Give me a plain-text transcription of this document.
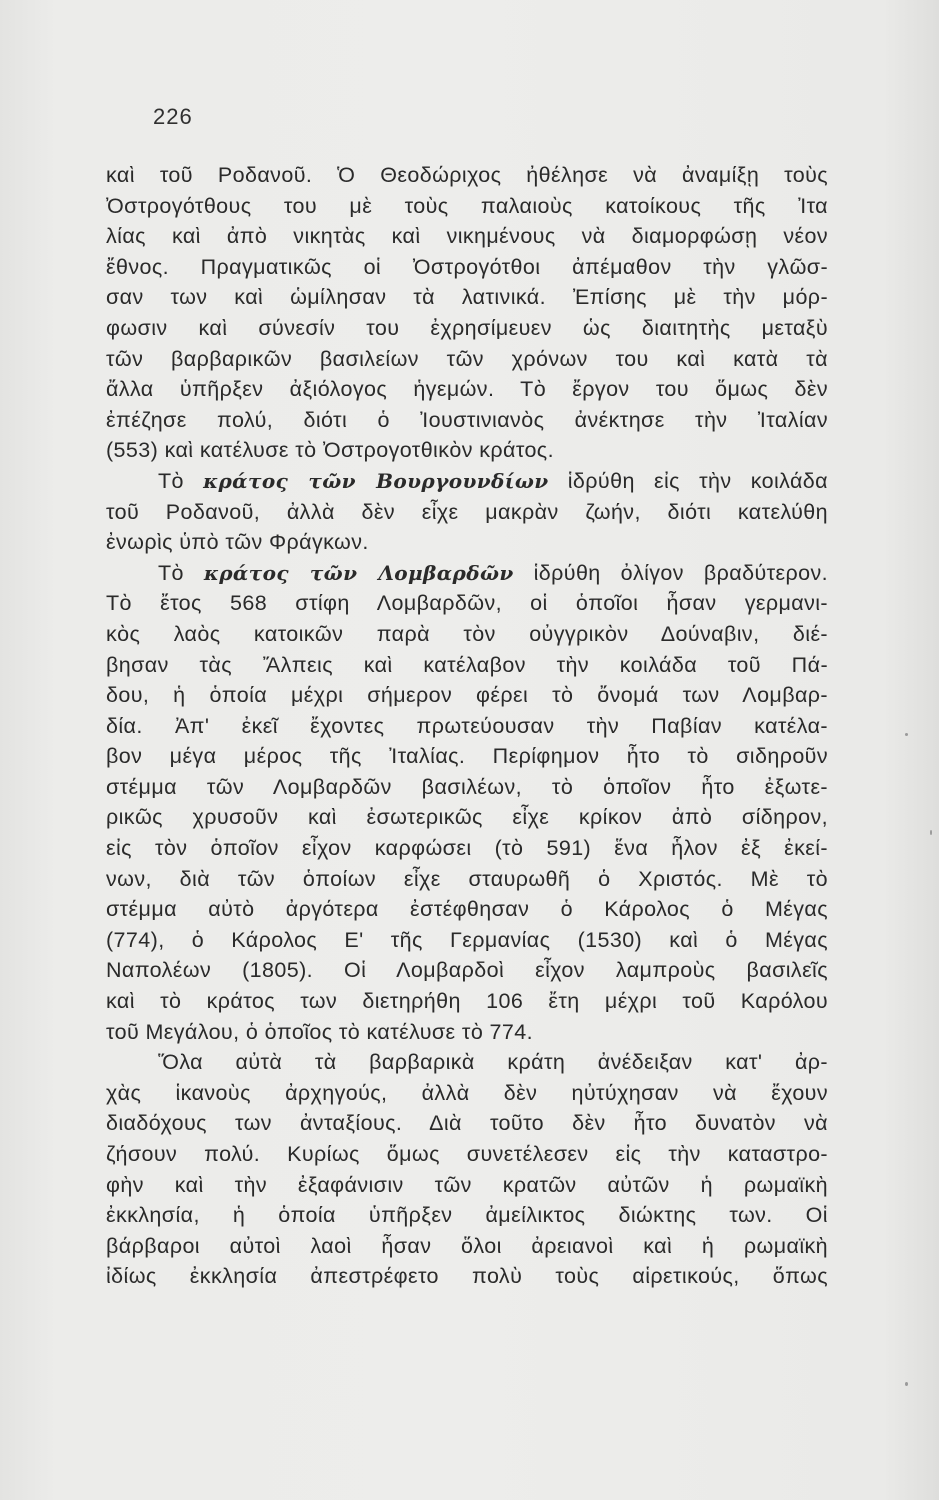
226
καὶ τοῦ Ροδανοῦ. Ὁ Θεοδώριχος ἠθέλησε νὰ ἀναμίξῃ τοὺς
Ὀστρογότθους του μὲ τοὺς παλαιοὺς κατοίκους τῆς Ἰτα
λίας καὶ ἀπὸ νικητὰς καὶ νικημένους νὰ διαμορφώσῃ νέον
ἔθνος. Πραγματικῶς οἱ Ὀστρογότθοι ἀπέμαθον τὴν γλῶσ-
σαν των καὶ ὡμίλησαν τὰ λατινικά. Ἐπίσης μὲ τὴν μόρ-
φωσιν καὶ σύνεσίν του ἐχρησίμευεν ὡς διαιτητὴς μεταξὺ
τῶν βαρβαρικῶν βασιλείων τῶν χρόνων του καὶ κατὰ τὰ
ἄλλα ὑπῆρξεν ἀξιόλογος ἡγεμών. Τὸ ἔργον του ὅμως δὲν
ἐπέζησε πολύ, διότι ὁ Ἰουστινιανὸς ἀνέκτησε τὴν Ἰταλίαν
(553) καὶ κατέλυσε τὸ Ὀστρογοτθικὸν κράτος.
Τὸ κράτος τῶν Βουργουνδίων ἱδρύθη εἰς τὴν κοιλάδα
τοῦ Ροδανοῦ, ἀλλὰ δὲν εἶχε μακρὰν ζωήν, διότι κατελύθη
ἐνωρὶς ὑπὸ τῶν Φράγκων.
Τὸ κράτος τῶν Λομβαρδῶν ἱδρύθη ὀλίγον βραδύτερον.
Τὸ ἔτος 568 στίφη Λομβαρδῶν, οἱ ὁποῖοι ἦσαν γερμανι-
κὸς λαὸς κατοικῶν παρὰ τὸν οὐγγρικὸν Δούναβιν, διέ-
βησαν τὰς Ἄλπεις καὶ κατέλαβον τὴν κοιλάδα τοῦ Πά-
δου, ἡ ὁποία μέχρι σήμερον φέρει τὸ ὄνομά των Λομβαρ-
δία. Ἀπ' ἐκεῖ ἔχοντες πρωτεύουσαν τὴν Παβίαν κατέλα-
βον μέγα μέρος τῆς Ἰταλίας. Περίφημον ἦτο τὸ σιδηροῦν
στέμμα τῶν Λομβαρδῶν βασιλέων, τὸ ὁποῖον ἦτο ἐξωτε-
ρικῶς χρυσοῦν καὶ ἐσωτερικῶς εἶχε κρίκον ἀπὸ σίδηρον,
εἰς τὸν ὁποῖον εἶχον καρφώσει (τὸ 591) ἕνα ἧλον ἐξ ἐκεί-
νων, διὰ τῶν ὁποίων εἶχε σταυρωθῆ ὁ Χριστός. Μὲ τὸ
στέμμα αὐτὸ ἀργότερα ἐστέφθησαν ὁ Κάρολος ὁ Μέγας
(774), ὁ Κάρολος Ε' τῆς Γερμανίας (1530) καὶ ὁ Μέγας
Ναπολέων (1805). Οἱ Λομβαρδοὶ εἶχον λαμπροὺς βασιλεῖς
καὶ τὸ κράτος των διετηρήθη 106 ἔτη μέχρι τοῦ Καρόλου
τοῦ Μεγάλου, ὁ ὁποῖος τὸ κατέλυσε τὸ 774.
Ὅλα αὐτὰ τὰ βαρβαρικὰ κράτη ἀνέδειξαν κατ' ἀρ-
χὰς ἱκανοὺς ἀρχηγούς, ἀλλὰ δὲν ηὐτύχησαν νὰ ἔχουν
διαδόχους των ἀνταξίους. Διὰ τοῦτο δὲν ἦτο δυνατὸν νὰ
ζήσουν πολύ. Κυρίως ὅμως συνετέλεσεν εἰς τὴν καταστρο-
φὴν καὶ τὴν ἐξαφάνισιν τῶν κρατῶν αὐτῶν ἡ ρωμαϊκὴ
ἐκκλησία, ἡ ὁποία ὑπῆρξεν ἀμείλικτος διώκτης των. Οἱ
βάρβαροι αὐτοὶ λαοὶ ἦσαν ὅλοι ἀρειανοὶ καὶ ἡ ρωμαϊκὴ
ἰδίως ἐκκλησία ἀπεστρέφετο πολὺ τοὺς αἱρετικούς, ὅπως
